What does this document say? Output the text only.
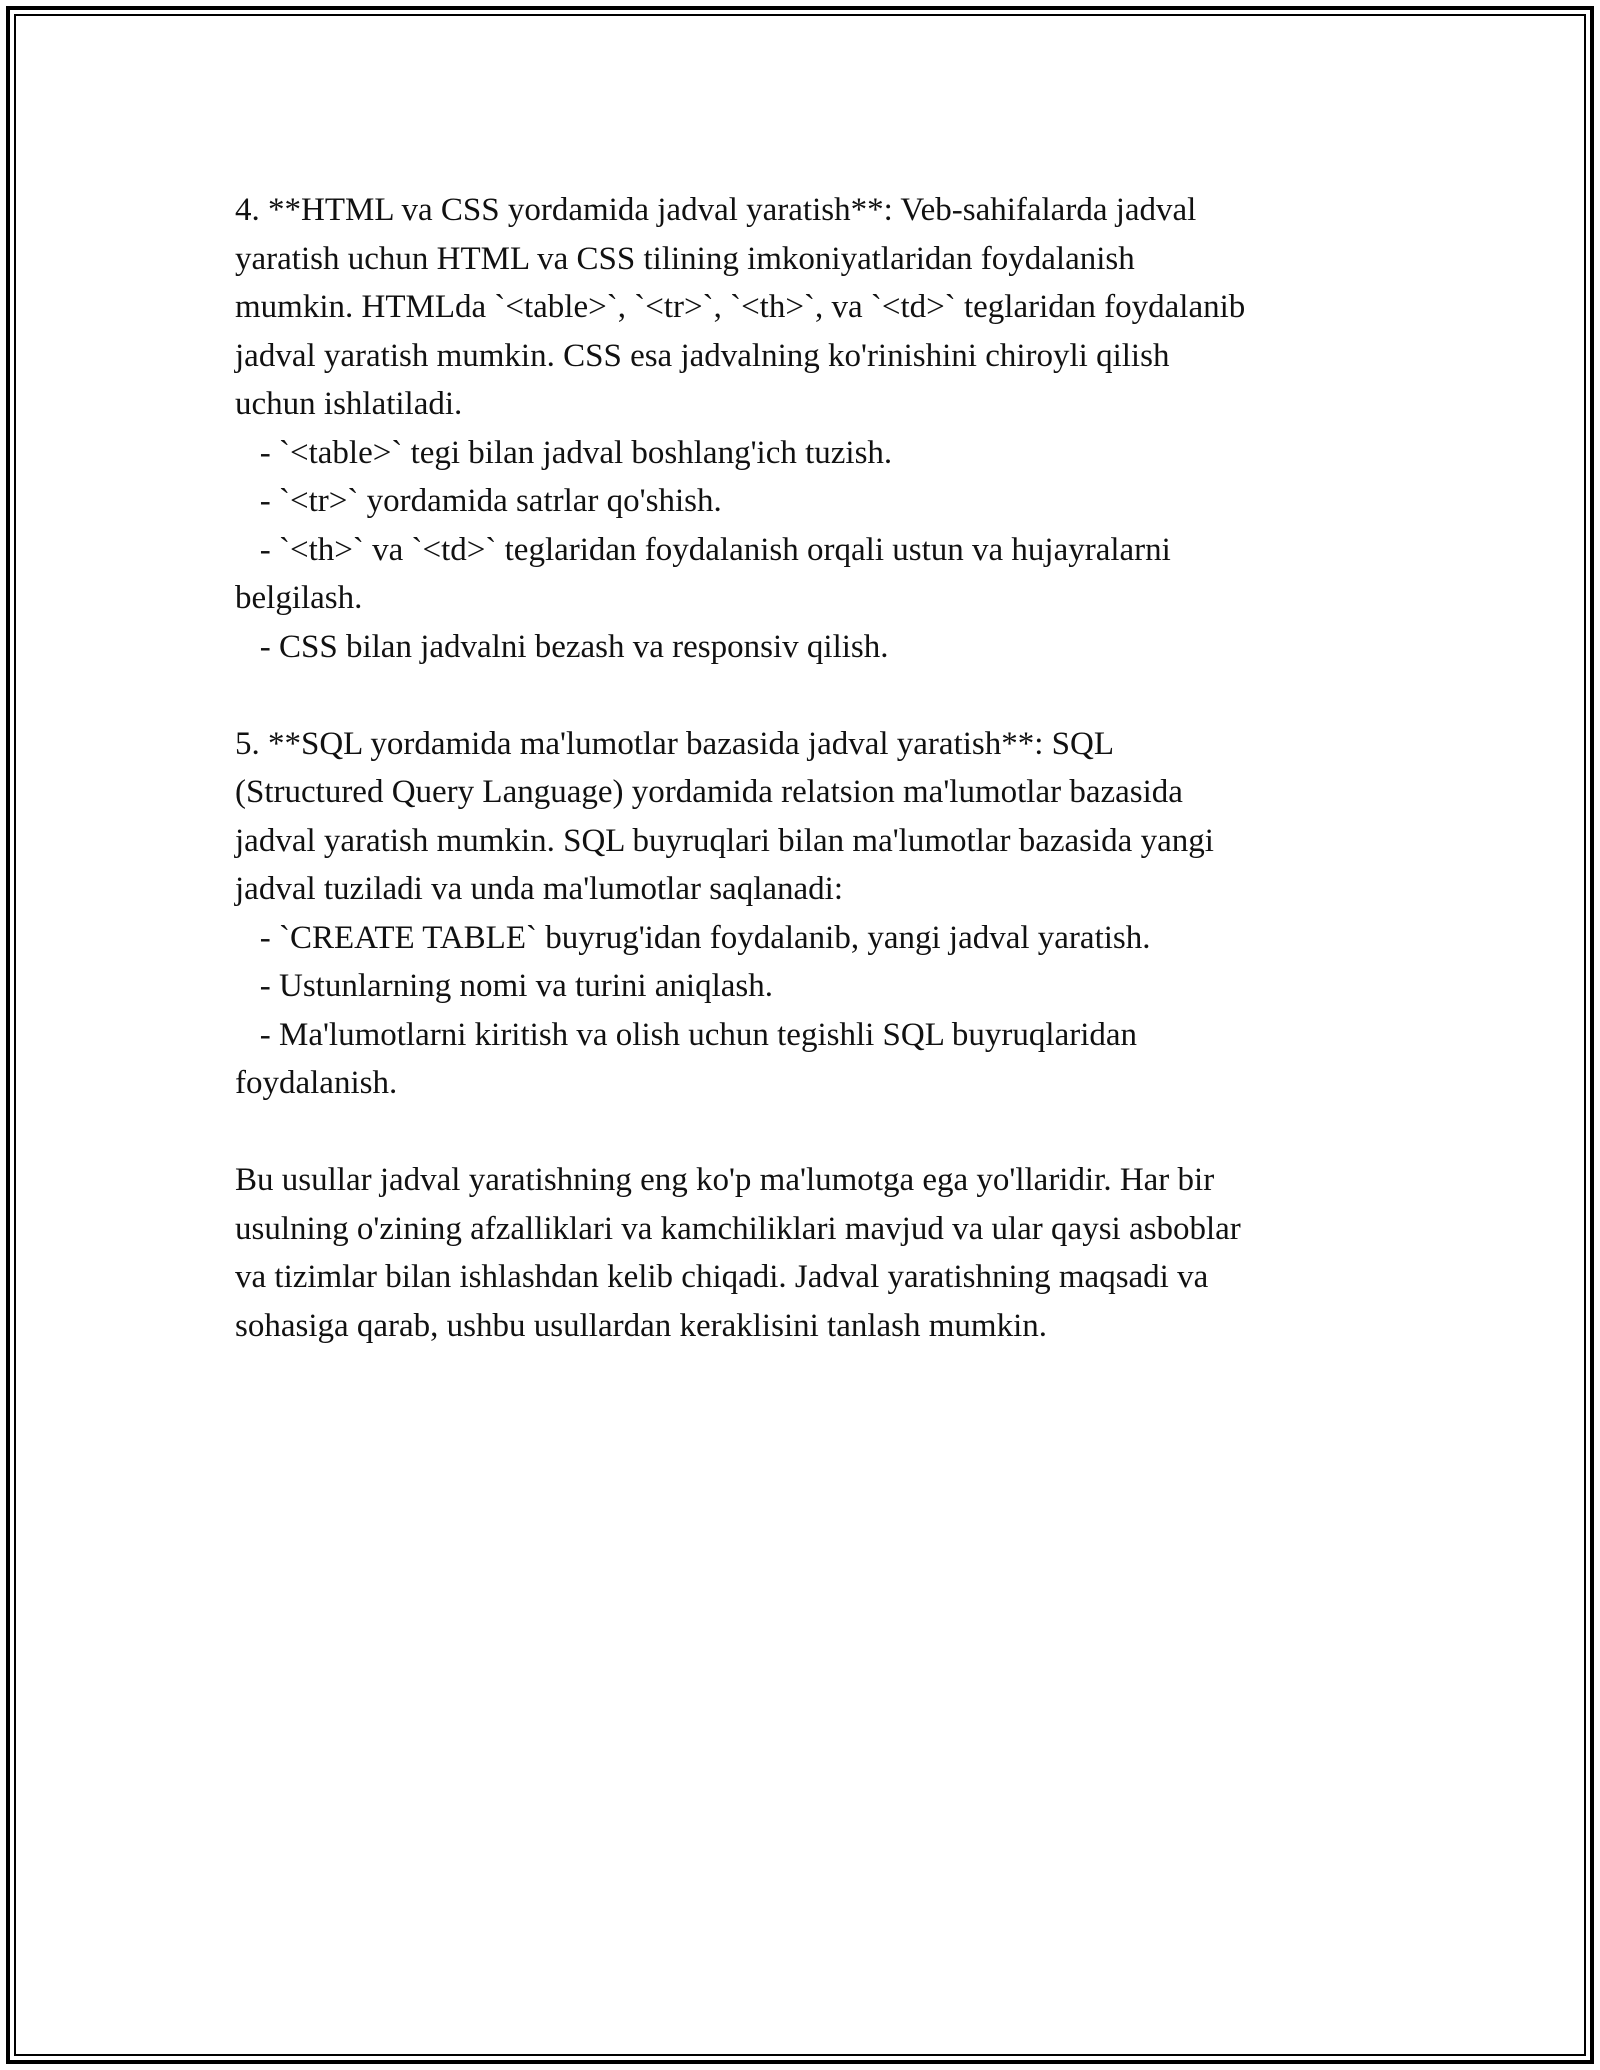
4. **HTML va CSS yordamida jadval yaratish**: Veb-sahifalarda jadval
yaratish uchun HTML va CSS tilining imkoniyatlaridan foydalanish
mumkin. HTMLda `<table>`, `<tr>`, `<th>`, va `<td>` teglaridan foydalanib
jadval yaratish mumkin. CSS esa jadvalning ko'rinishini chiroyli qilish
uchun ishlatiladi.
- `<table>` tegi bilan jadval boshlang'ich tuzish.
- `<tr>` yordamida satrlar qo'shish.
- `<th>` va `<td>` teglaridan foydalanish orqali ustun va hujayralarni
belgilash.
- CSS bilan jadvalni bezash va responsiv qilish.
5. **SQL yordamida ma'lumotlar bazasida jadval yaratish**: SQL
(Structured Query Language) yordamida relatsion ma'lumotlar bazasida
jadval yaratish mumkin. SQL buyruqlari bilan ma'lumotlar bazasida yangi
jadval tuziladi va unda ma'lumotlar saqlanadi:
- `CREATE TABLE` buyrug'idan foydalanib, yangi jadval yaratish.
- Ustunlarning nomi va turini aniqlash.
- Ma'lumotlarni kiritish va olish uchun tegishli SQL buyruqlaridan
foydalanish.
Bu usullar jadval yaratishning eng ko'p ma'lumotga ega yo'llaridir. Har bir
usulning o'zining afzalliklari va kamchiliklari mavjud va ular qaysi asboblar
va tizimlar bilan ishlashdan kelib chiqadi. Jadval yaratishning maqsadi va
sohasiga qarab, ushbu usullardan keraklisini tanlash mumkin.
